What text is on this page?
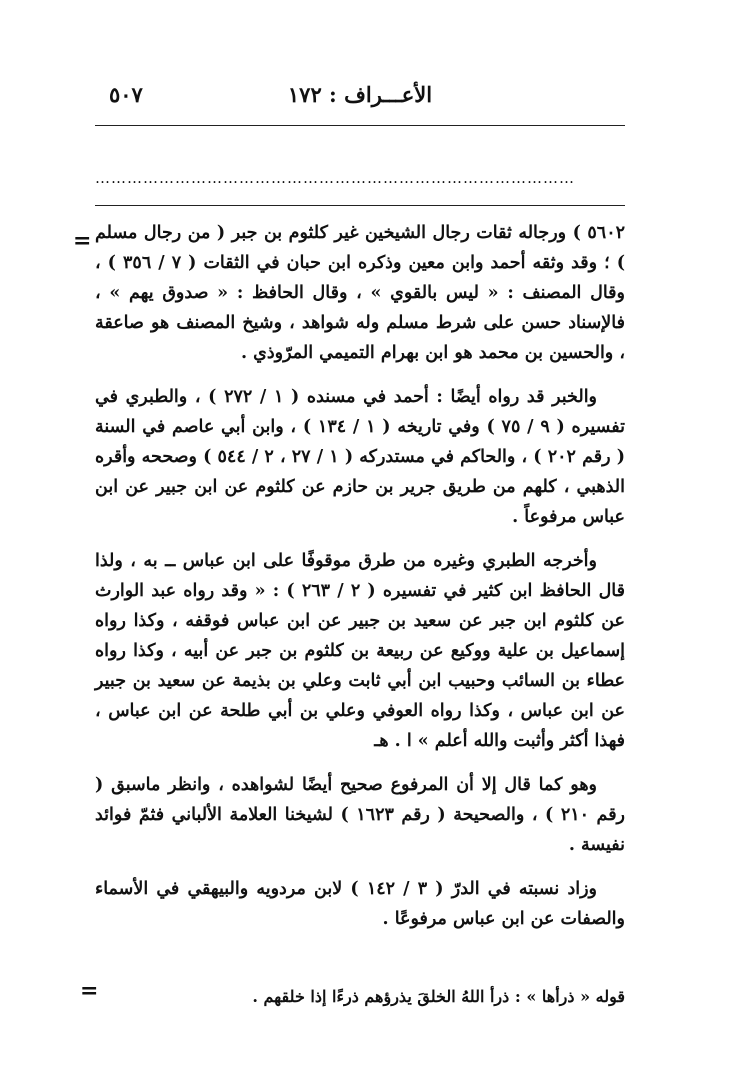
٥٠٧	الأعـــراف : ١٧٢
………………………………………………………………………………
= ٥٦٠٢ ) ورجاله ثقات رجال الشيخين غير كلثوم بن جبر ( من رجال مسلم ) ؛ وقد وثقه أحمد وابن معين وذكره ابن حبان في الثقات ( ٧ / ٣٥٦ ) ، وقال المصنف : « ليس بالقوي » ، وقال الحافظ : « صدوق يهم » ، فالإسناد حسن على شرط مسلم وله شواهد ، وشيخ المصنف هو صاعقة ، والحسين بن محمد هو ابن بهرام التميمي المرّوذي .

والخبر قد رواه أيضًا : أحمد في مسنده ( ١ / ٢٧٢ ) ، والطبري في تفسيره ( ٩ / ٧٥ ) وفي تاريخه ( ١ / ١٣٤ ) ، وابن أبي عاصم في السنة ( رقم ٢٠٢ ) ، والحاكم في مستدركه ( ١ / ٢٧ ، ٢ / ٥٤٤ ) وصححه وأقره الذهبي ، كلهم من طريق جرير بن حازم عن كلثوم عن ابن جبير عن ابن عباس مرفوعاً .

وأخرجه الطبري وغيره من طرق موقوفًا على ابن عباس ــ به ، ولذا قال الحافظ ابن كثير في تفسيره ( ٢ / ٢٦٣ ) : « وقد رواه عبد الوارث عن كلثوم ابن جبر عن سعيد بن جبير عن ابن عباس فوقفه ، وكذا رواه إسماعيل بن علية ووكيع عن ربيعة بن كلثوم بن جبر عن أبيه ، وكذا رواه عطاء بن السائب وحبيب ابن أبي ثابت وعلي بن بذيمة عن سعيد بن جبير عن ابن عباس ، وكذا رواه العوفي وعلي بن أبي طلحة عن ابن عباس ، فهذا أكثر وأثبت والله أعلم » ا . هـ

وهو كما قال إلا أن المرفوع صحيح أيضًا لشواهده ، وانظر ماسبق ( رقم ٢١٠ ) ، والصحيحة ( رقم ١٦٢٣ ) لشيخنا العلامة الألباني فثمّ فوائد نفيسة .

وزاد نسبته في الدرّ ( ٣ / ١٤٢ ) لابن مردويه والبيهقي في الأسماء والصفات عن ابن عباس مرفوعًا .

=	قوله « ذرأها » : ذرأ اللهُ الخلقَ يذرؤهم ذرءًا إذا خلقهم .
